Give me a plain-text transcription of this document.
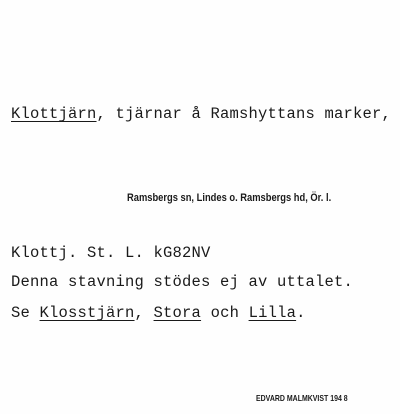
Klottjärn, tjärnar å Ramshyttans marker,
Ramsbergs sn, Lindes o. Ramsbergs hd, Ör. l.
Klottj. St. L. kG82NV
Denna stavning stödes ej av uttalet.
Se Klosstjärn, Stora och Lilla.
EDVARD MALMKVIST 194 8
